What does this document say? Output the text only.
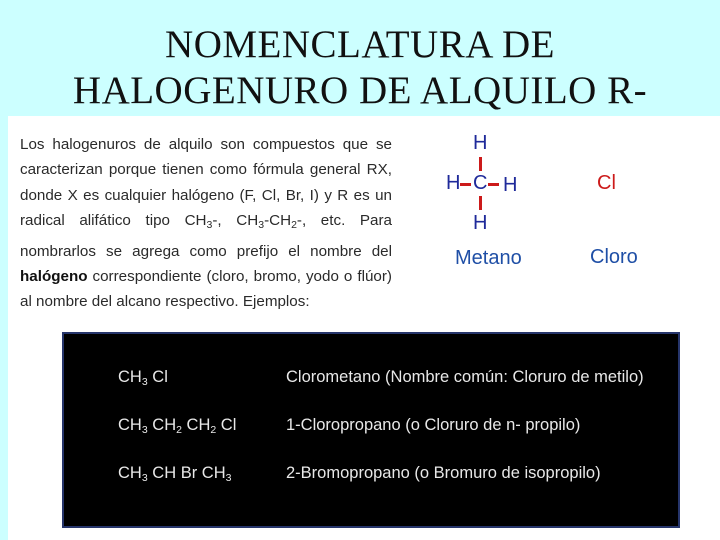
NOMENCLATURA DE
HALOGENURO DE ALQUILO R-
Los halogenuros de alquilo son compuestos que se caracterizan porque tienen como fórmula general RX, donde X es cualquier halógeno (F, Cl, Br, I) y R es un radical alifático tipo $CH_3-$, $CH_3-CH_2-$, etc. Para nombrarlos se agrega como prefijo el nombre del halógeno correspondiente (cloro, bromo, yodo o flúor) al nombre del alcano respectivo. Ejemplos:
H
H C H
H
Metano
Cl
Cloro
$CH_3$ Cl	Clorometano (Nombre común: Cloruro de metilo)
$CH_3$ $CH_2$ $CH_2$ Cl	1-Cloropropano (o Cloruro de n- propilo)
$CH_3$ CH Br $CH_3$	2-Bromopropano (o Bromuro de isopropilo)
